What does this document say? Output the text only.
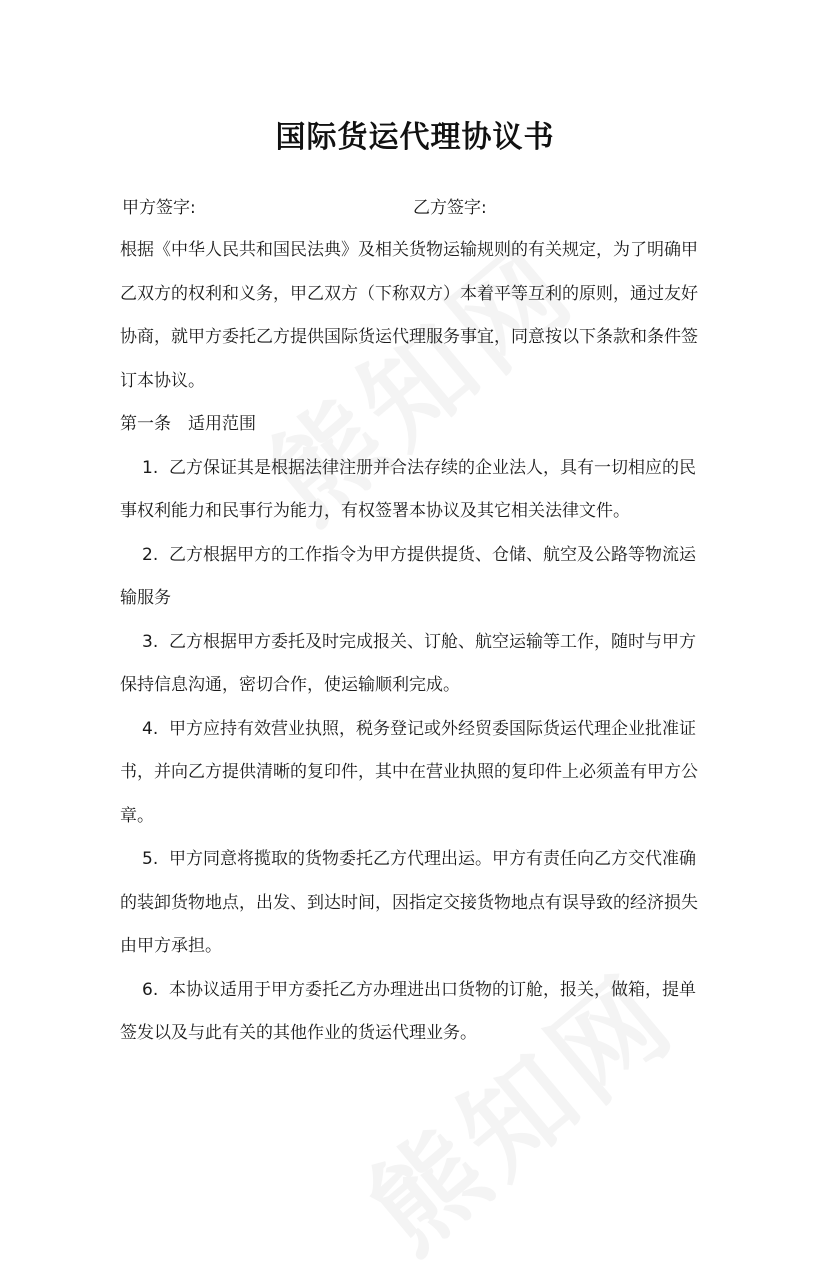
国际货运代理协议书
甲方签字:	乙方签字:

根据《中华人民共和国民法典》及相关货物运输规则的有关规定，为了明确甲乙双方的权利和义务，甲乙双方（下称双方）本着平等互利的原则，通过友好协商，就甲方委托乙方提供国际货运代理服务事宜，同意按以下条款和条件签订本协议。

第一条　适用范围

1. 乙方保证其是根据法律注册并合法存续的企业法人，具有一切相应的民事权利能力和民事行为能力，有权签署本协议及其它相关法律文件。

2. 乙方根据甲方的工作指令为甲方提供提货、仓储、航空及公路等物流运输服务

3. 乙方根据甲方委托及时完成报关、订舱、航空运输等工作，随时与甲方保持信息沟通，密切合作，使运输顺利完成。

4. 甲方应持有效营业执照，税务登记或外经贸委国际货运代理企业批准证书，并向乙方提供清晰的复印件，其中在营业执照的复印件上必须盖有甲方公章。

5. 甲方同意将揽取的货物委托乙方代理出运。甲方有责任向乙方交代准确的装卸货物地点，出发、到达时间，因指定交接货物地点有误导致的经济损失由甲方承担。

6. 本协议适用于甲方委托乙方办理进出口货物的订舱，报关，做箱，提单签发以及与此有关的其他作业的货运代理业务。
